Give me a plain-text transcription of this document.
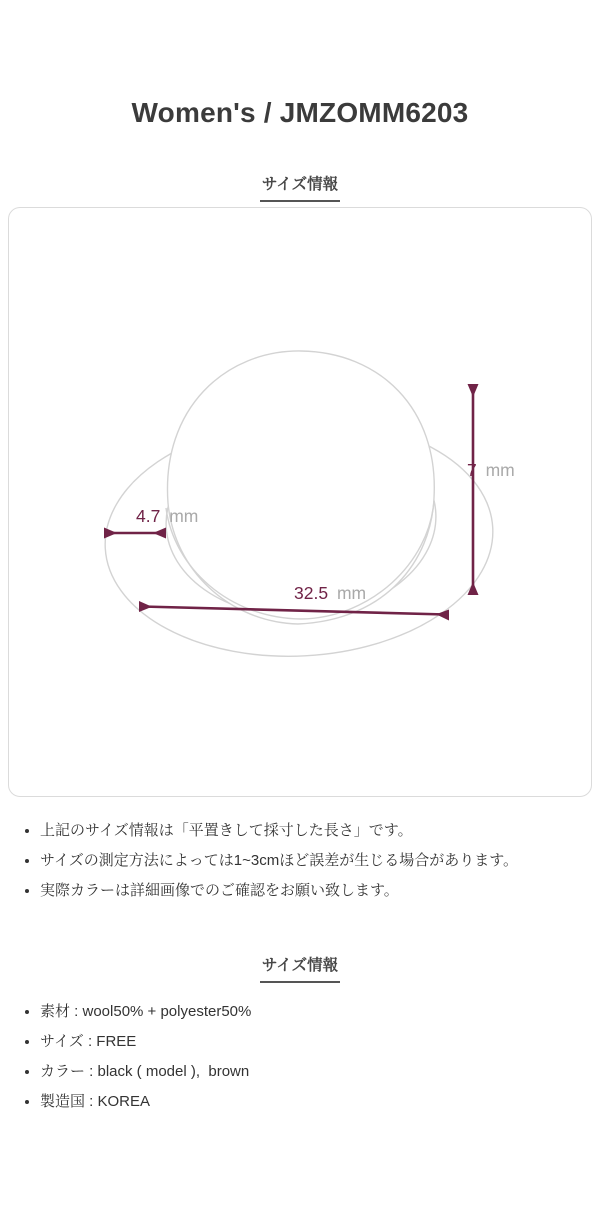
Women's / JMZOMM6203
サイズ情報
7 mm
4.7 mm
32.5 mm
上記のサイズ情報は「平置きして採寸した長さ」です。
サイズの測定方法によっては1~3cmほど誤差が生じる場合があります。
実際カラーは詳細画像でのご確認をお願い致します。
サイズ情報
素材 : wool50% + polyester50%
サイズ : FREE
カラー : black ( model ),  brown
製造国 : KOREA
